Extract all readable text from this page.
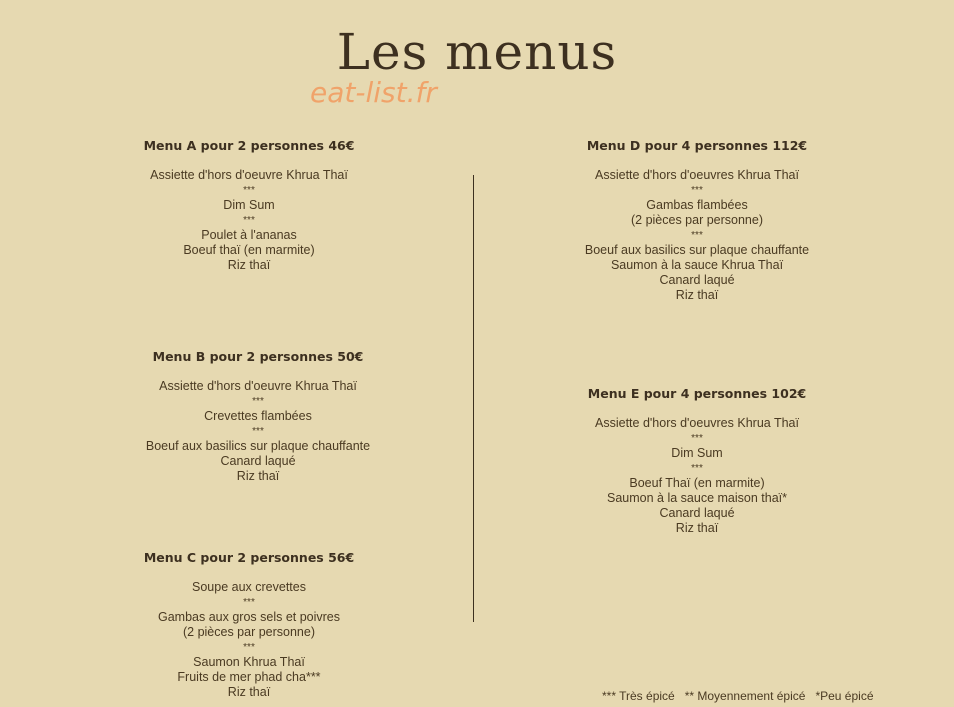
Les menus
eat-list.fr
Menu A pour 2 personnes 46€
Assiette d'hors d'oeuvre Khrua Thaï
***
Dim Sum
***
Poulet à l'ananas
Boeuf thaï (en marmite)
Riz thaï
Menu B pour 2 personnes 50€
Assiette d'hors d'oeuvre Khrua Thaï
***
Crevettes flambées
***
Boeuf aux basilics sur plaque chauffante
Canard laqué
Riz thaï
Menu C pour 2 personnes 56€
Soupe aux crevettes
***
Gambas aux gros sels et poivres
(2 pièces par personne)
***
Saumon Khrua Thaï
Fruits de mer phad cha***
Riz thaï
Menu D pour 4 personnes 112€
Assiette d'hors d'oeuvres Khrua Thaï
***
Gambas flambées
(2 pièces par personne)
***
Boeuf aux basilics sur plaque chauffante
Saumon à la sauce Khrua Thaï
Canard laqué
Riz thaï
Menu E pour 4 personnes 102€
Assiette d'hors d'oeuvres Khrua Thaï
***
Dim Sum
***
Boeuf Thaï (en marmite)
Saumon à la sauce maison thaï*
Canard laqué
Riz thaï
*** Très épicé   ** Moyennement épicé   *Peu épicé
